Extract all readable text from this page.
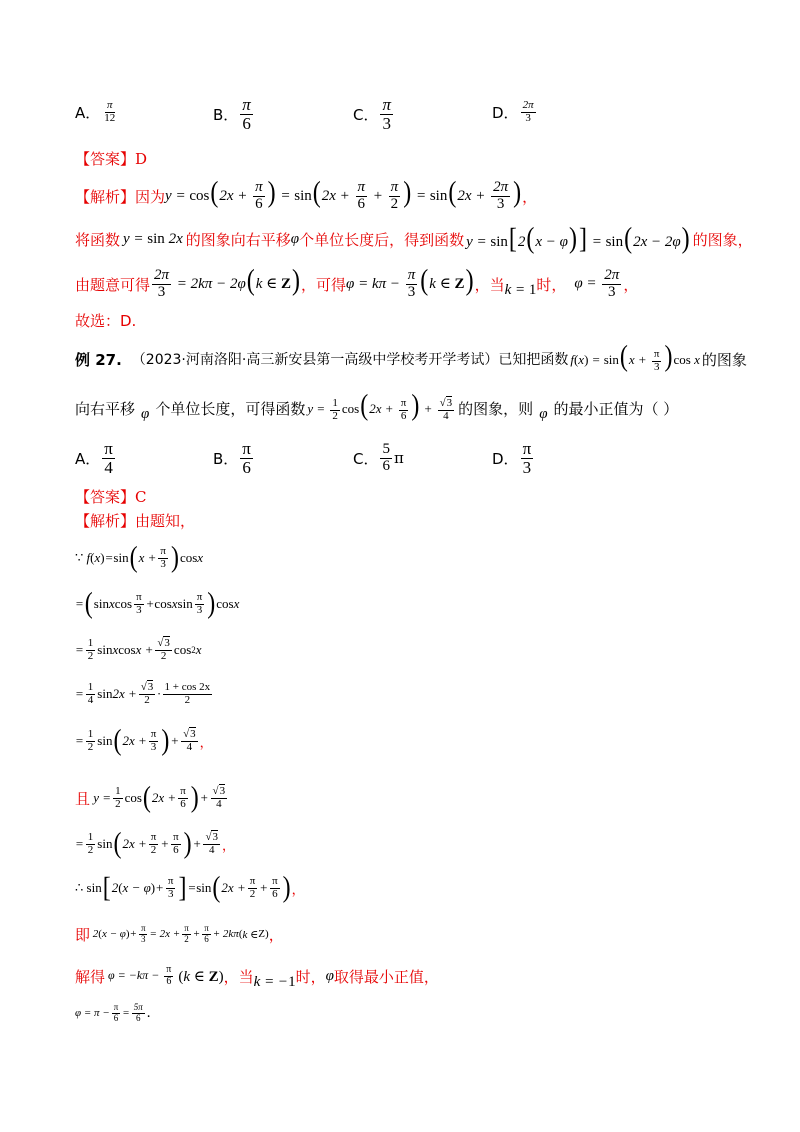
A． $\frac{\pi}{12}$	B． $\frac{\pi}{6}$	C． $\frac{\pi}{3}$	D． $\frac{2\pi}{3}$
【答案】 D
【解析】 因为 $y = \cos(2x + \frac{\pi}{6}$ ) = $\sin(2x + \frac{\pi}{6} + \frac{\pi}{2}$ ) = $\sin(2x + \frac{2\pi}{3}$ ) ，
将函数 y = sin 2x 的图象向右平移 φ 个单位长度后，得到函数 y = sin[2(x − φ)] = sin(2x − 2φ) 的图象，
由题意可得 $\frac{2\pi}{3} = 2k\pi - 2\varphi(k$ ∈ Z) ，可得 $\varphi = k\pi - \frac{\pi}{3} (k$ ∈ Z) ，当 k = 1 时， $\varphi = \frac{2\pi}{3}$ ，
故选：D.
例 27. （2023·河南洛阳·高三新安县第一高级中学校考开学考试）已知把函数 $f(x) = \sin(x + \frac{\pi}{3} )\cos$ x 的图象
向右平移 φ 个单位长度，可得函数 $y = \frac{1}{2} \cos(2x + \frac{\pi}{6}$ ) + $\frac{√3}{4}$ 的图象，则 φ 的最小正值为（ ）
A． $\frac{\pi}{4}$	B． $\frac{\pi}{6}$	C． $\frac{5}{6}$ π	D． $\frac{\pi}{3}$
【答案】 C
【解析】 由题知，
∵ f ( x ) = sin ( $x + \frac{\pi}{3}$ ) cos x
= ( sin x $\cos \frac{\pi}{3} + \cos x$ $\sin \frac{\pi}{3}$ ) cos x
= $\frac{1}{2}$ sin x $\cos x + \frac{√3}{2}$ cos 2 x
= $\frac{1}{4}$ $\sin 2x + \frac{√3}{2} \cdot \frac{1 + \cos 2x}{2}$
= $\frac{1}{2}$ sin ( $2x + \frac{\pi}{3}$ ) + $\frac{√3}{4}$ ，
且 $y = \frac{1}{2}$ cos ( $2x + \frac{\pi}{6}$ ) + $\frac{√3}{4}$
= $\frac{1}{2}$ sin ( $2x + \frac{\pi}{2} + \frac{\pi}{6}$ ) + $\frac{√3}{4}$ ，
∴
sin [ 2 ( x − φ ) + $\frac{\pi}{3}$ ] = sin ( $2x + \frac{\pi}{2} + \frac{\pi}{6}$ ) ，
即 2 ( x − φ ) + $\frac{\pi}{3} = 2x + \frac{\pi}{2} + \frac{\pi}{6} + 2k\pi$ ( k ∈ Z ) ，
解得 $\varphi = -k\pi - \frac{\pi}{6} (k$ ∈ Z) ，当 k = −1 时， φ 取得最小正值，
$\varphi = \pi - \frac{\pi}{6} = \frac{5\pi}{6}$ .
